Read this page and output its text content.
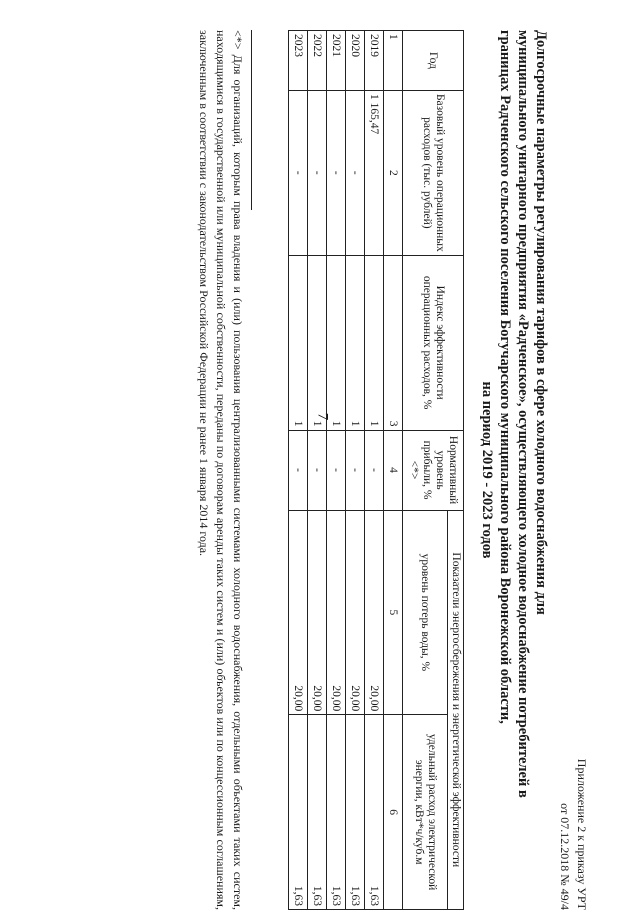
7
Приложение 2 к приказу УРТ
от 07.12.2018 № 49/4
Долгосрочные параметры регулирования тарифов в сфере холодного водоснабжения для
муниципального унитарного предприятия «Радченское», осуществляющего холодное водоснабжение потребителей в
границах Радченского сельского поселения Богучарского муниципального района Воронежской области,
на период 2019 - 2023 годов
Год	Базовый уровень операционных расходов (тыс. рублей)	Индекс эффективности операционных расходов, %	Нормативный уровень прибыли, % <*>	Показатели энергосбережения и энергетической эффективности	
				уровень потерь воды, %	удельный расход электрической энергии, кВт*ч/куб.м
1	2	3	4	5	6
2019	1 165,47	1	-	20,00	1,63
2020	-	1	-	20,00	1,63
2021	-	1	-	20,00	1,63
2022	-	1	-	20,00	1,63
2023	-	1	-	20,00	1,63
<*> Для организаций, которым права владения и (или) пользования централизованными системами холодного водоснабжения, отдельными объектами таких систем, находящимися в государственной или муниципальной собственности, переданы по договорам аренды таких систем и (или) объектов или по концессионным соглашениям, заключенным в соответствии с законодательством Российской Федерации не ранее 1 января 2014 года.
